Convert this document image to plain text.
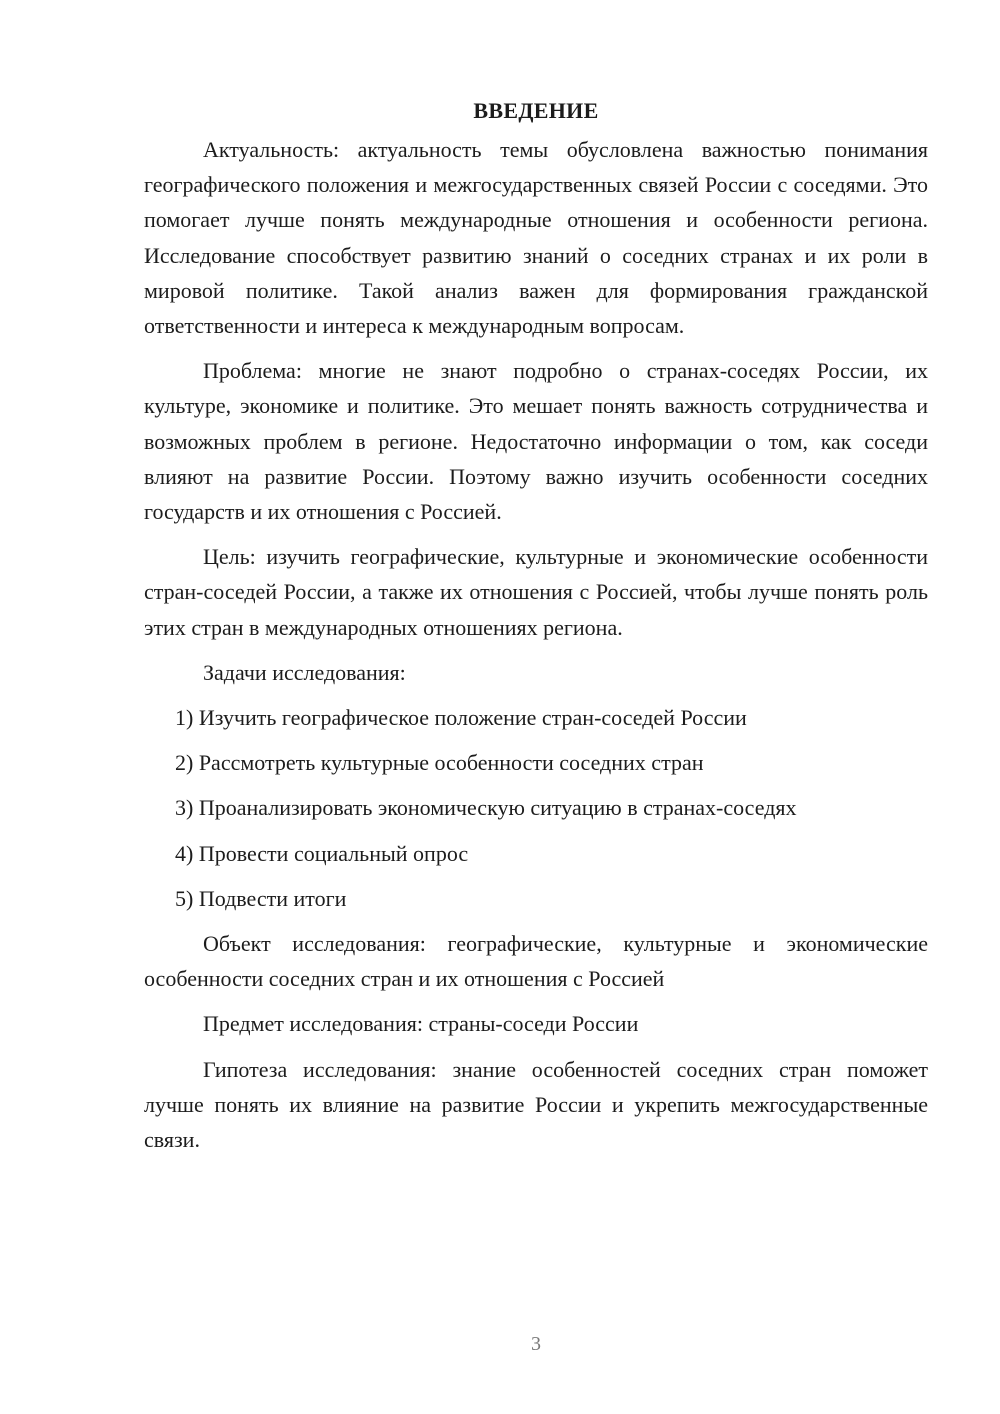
ВВЕДЕНИЕ

Актуальность: актуальность темы обусловлена важностью понимания географического положения и межгосударственных связей России с соседями. Это помогает лучше понять международные отношения и особенности региона. Исследование способствует развитию знаний о соседних странах и их роли в мировой политике. Такой анализ важен для формирования гражданской ответственности и интереса к международным вопросам.

Проблема: многие не знают подробно о странах-соседях России, их культуре, экономике и политике. Это мешает понять важность сотрудничества и возможных проблем в регионе. Недостаточно информации о том, как соседи влияют на развитие России. Поэтому важно изучить особенности соседних государств и их отношения с Россией.

Цель: изучить географические, культурные и экономические особенности стран-соседей России, а также их отношения с Россией, чтобы лучше понять роль этих стран в международных отношениях региона.

Задачи исследования:

1) Изучить географическое положение стран-соседей России
2) Рассмотреть культурные особенности соседних стран
3) Проанализировать экономическую ситуацию в странах-соседях
4) Провести социальный опрос
5) Подвести итоги

Объект исследования: географические, культурные и экономические особенности соседних стран и их отношения с Россией

Предмет исследования: страны-соседи России

Гипотеза исследования: знание особенностей соседних стран поможет лучше понять их влияние на развитие России и укрепить межгосударственные связи.

3
